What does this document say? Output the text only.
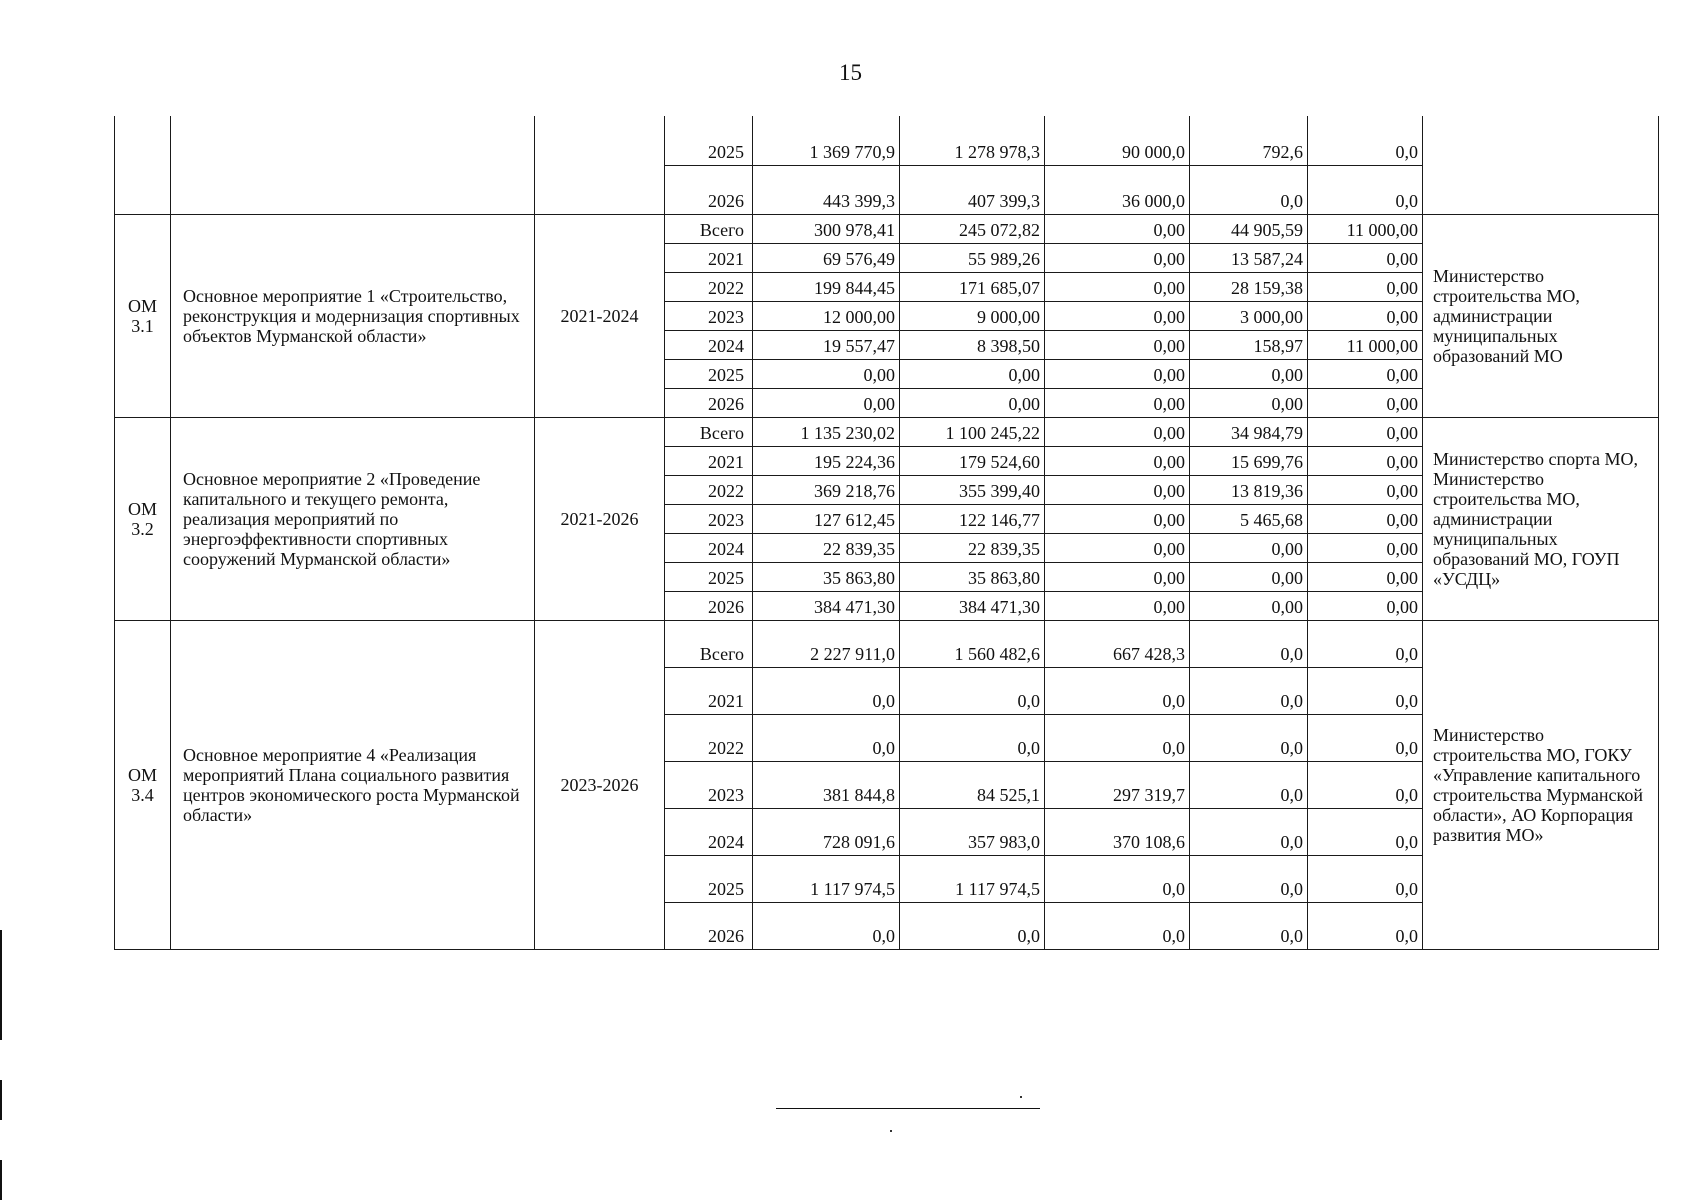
15
			2025	1 369 770,9	1 278 978,3	90 000,0	792,6	0,0	
			2026	443 399,3	407 399,3	36 000,0	0,0	0,0	
ОМ 3.1	Основное мероприятие 1 «Строительство, реконструкция и модернизация спортивных объектов Мурманской области»	2021-2024	Всего	300 978,41	245 072,82	0,00	44 905,59	11 000,00	Министерство строительства МО, администрации муниципальных образований МО
			2021	69 576,49	55 989,26	0,00	13 587,24	0,00	
			2022	199 844,45	171 685,07	0,00	28 159,38	0,00	
			2023	12 000,00	9 000,00	0,00	3 000,00	0,00	
			2024	19 557,47	8 398,50	0,00	158,97	11 000,00	
			2025	0,00	0,00	0,00	0,00	0,00	
			2026	0,00	0,00	0,00	0,00	0,00	
ОМ 3.2	Основное мероприятие 2 «Проведение капитального и текущего ремонта, реализация мероприятий по энергоэффективности спортивных сооружений Мурманской области»	2021-2026	Всего	1 135 230,02	1 100 245,22	0,00	34 984,79	0,00	Министерство спорта МО, Министерство строительства МО, администрации муниципальных образований МО, ГОУП «УСДЦ»
			2021	195 224,36	179 524,60	0,00	15 699,76	0,00	
			2022	369 218,76	355 399,40	0,00	13 819,36	0,00	
			2023	127 612,45	122 146,77	0,00	5 465,68	0,00	
			2024	22 839,35	22 839,35	0,00	0,00	0,00	
			2025	35 863,80	35 863,80	0,00	0,00	0,00	
			2026	384 471,30	384 471,30	0,00	0,00	0,00	
ОМ 3.4	Основное мероприятие 4 «Реализация мероприятий Плана социального развития центров экономического роста Мурманской области»	2023-2026	Всего	2 227 911,0	1 560 482,6	667 428,3	0,0	0,0	Министерство строительства МО, ГОКУ «Управление капитального строительства Мурманской области», АО Корпорация развития МО»
			2021	0,0	0,0	0,0	0,0	0,0	
			2022	0,0	0,0	0,0	0,0	0,0	
			2023	381 844,8	84 525,1	297 319,7	0,0	0,0	
			2024	728 091,6	357 983,0	370 108,6	0,0	0,0	
			2025	1 117 974,5	1 117 974,5	0,0	0,0	0,0	
			2026	0,0	0,0	0,0	0,0	0,0	
